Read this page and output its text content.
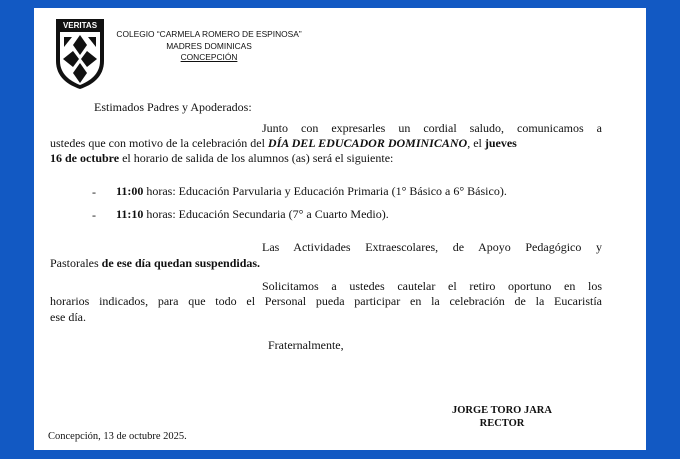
VERITAS
COLEGIO “CARMELA ROMERO DE ESPINOSA”
MADRES DOMINICAS
CONCEPCIÓN
Estimados Padres y Apoderados:
Junto con expresarles un cordial saludo, comunicamos a
ustedes que con motivo de la celebración del DÍA DEL EDUCADOR DOMINICANO, el jueves
16 de octubre el horario de salida de los alumnos (as) será el siguiente:
- 11:00 horas: Educación Parvularia y Educación Primaria (1° Básico a 6° Básico).
- 11:10 horas: Educación Secundaria (7° a Cuarto Medio).
Las Actividades Extraescolares, de Apoyo Pedagógico y
Pastorales de ese día quedan suspendidas.
Solicitamos a ustedes cautelar el retiro oportuno en los
horarios indicados, para que todo el Personal pueda participar en la celebración de la Eucaristía
ese día.
Fraternalmente,
JORGE TORO JARA
RECTOR
Concepción, 13 de octubre 2025.
